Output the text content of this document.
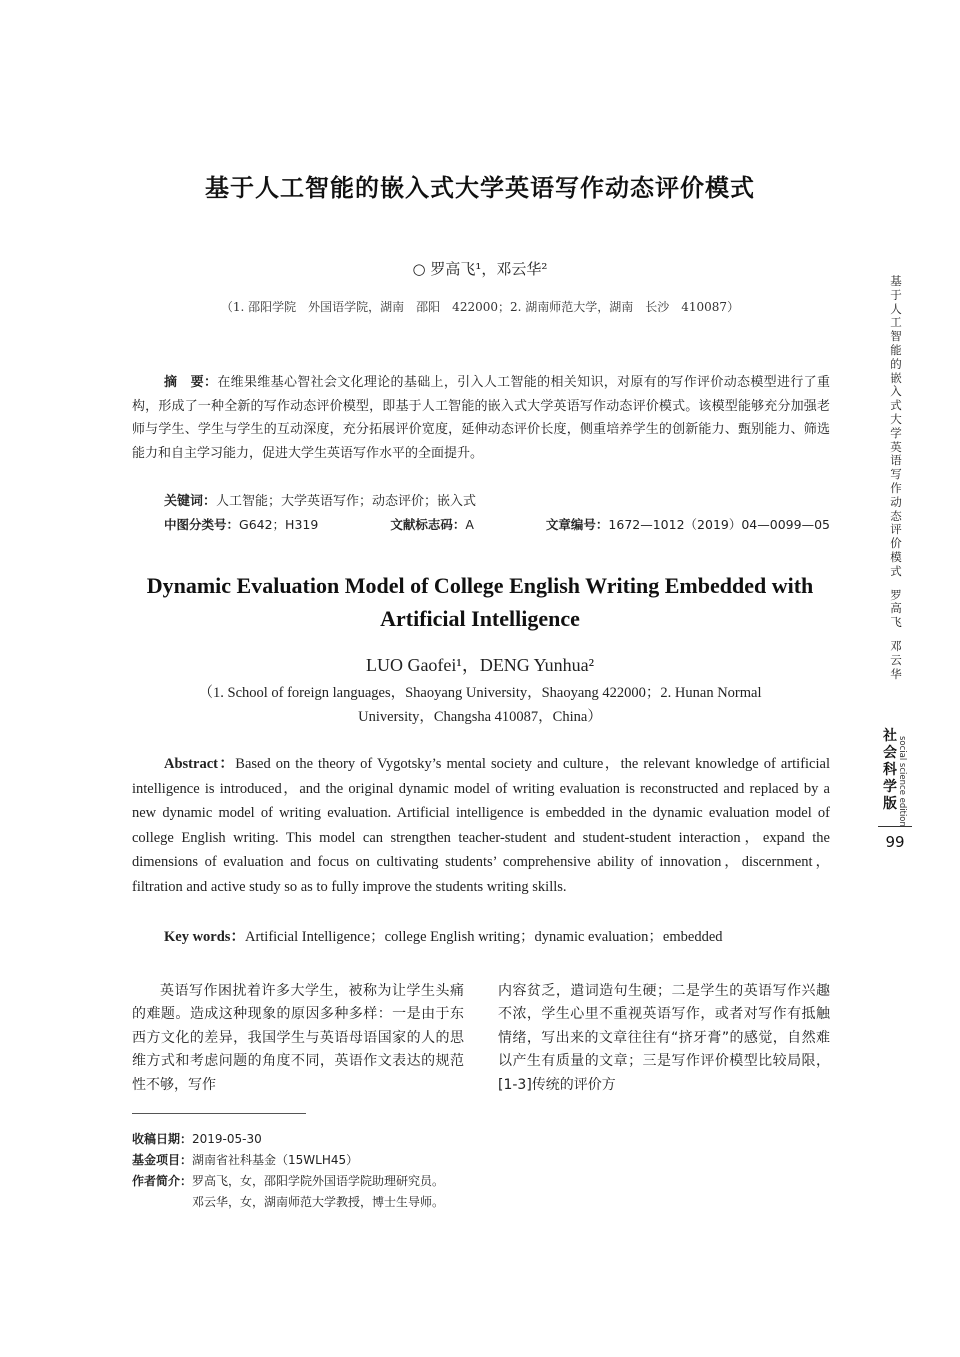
基于人工智能的嵌入式大学英语写作动态评价模式
○ 罗高飞¹，邓云华²
（1. 邵阳学院　外国语学院，湖南　邵阳　422000；2. 湖南师范大学，湖南　长沙　410087）
摘　要：在维果维基心智社会文化理论的基础上，引入人工智能的相关知识，对原有的写作评价动态模型进行了重构，形成了一种全新的写作动态评价模型，即基于人工智能的嵌入式大学英语写作动态评价模式。该模型能够充分加强老师与学生、学生与学生的互动深度，充分拓展评价宽度，延伸动态评价长度，侧重培养学生的创新能力、甄别能力、筛选能力和自主学习能力，促进大学生英语写作水平的全面提升。
关键词：人工智能；大学英语写作；动态评价；嵌入式
中图分类号：G642；H319	文献标志码：A	文章编号：1672—1012（2019）04—0099—05
Dynamic Evaluation Model of College English Writing Embedded with Artificial Intelligence
LUO Gaofei¹，DENG Yunhua²
（1. School of foreign languages，Shaoyang University，Shaoyang 422000；2. Hunan Normal University，Changsha 410087，China）
Abstract：Based on the theory of Vygotsky’s mental society and culture，the relevant knowledge of artificial intelligence is introduced，and the original dynamic model of writing evaluation is reconstructed and replaced by a new dynamic model of writing evaluation. Artificial intelligence is embedded in the dynamic evaluation model of college English writing. This model can strengthen teacher-student and student-student interaction，expand the dimensions of evaluation and focus on cultivating students’ comprehensive ability of innovation，discernment，filtration and active study so as to fully improve the students writing skills.
Key words：Artificial Intelligence；college English writing；dynamic evaluation；embedded
英语写作困扰着许多大学生，被称为让学生头痛的难题。造成这种现象的原因多种多样：一是由于东西方文化的差异，我国学生与英语母语国家的人的思维方式和考虑问题的角度不同，英语作文表达的规范性不够，写作
内容贫乏，遣词造句生硬；二是学生的英语写作兴趣不浓，学生心里不重视英语写作，或者对写作有抵触情绪，写出来的文章往往有“挤牙膏”的感觉，自然难以产生有质量的文章；三是写作评价模型比较局限，[1-3]传统的评价方
收稿日期： 2019-05-30
基金项目： 湖南省社科基金（15WLH45）
作者简介： 罗高飞，女，邵阳学院外国语学院助理研究员。
邓云华，女，湖南师范大学教授，博士生导师。
基
于
人
工
智
能
的
嵌
入
式
大
学
英
语
写
作
动
态
评
价
模
式
罗
高
飞
邓
云
华
社
会
科
学
版 social science edition
99
